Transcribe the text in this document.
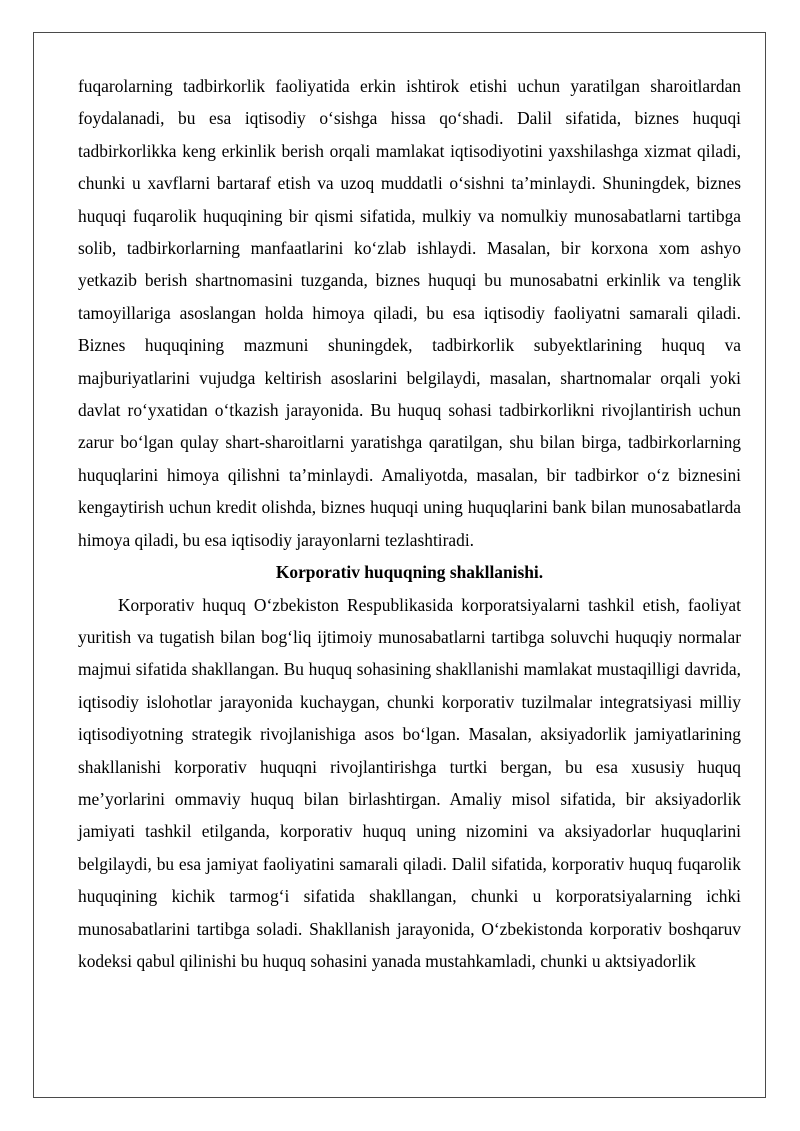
fuqarolarning tadbirkorlik faoliyatida erkin ishtirok etishi uchun yaratilgan sharoitlardan foydalanadi, bu esa iqtisodiy o‘sishga hissa qo‘shadi. Dalil sifatida, biznes huquqi tadbirkorlikka keng erkinlik berish orqali mamlakat iqtisodiyotini yaxshilashga xizmat qiladi, chunki u xavflarni bartaraf etish va uzoq muddatli o‘sishni ta’minlaydi. Shuningdek, biznes huquqi fuqarolik huquqining bir qismi sifatida, mulkiy va nomulkiy munosabatlarni tartibga solib, tadbirkorlarning manfaatlarini ko‘zlab ishlaydi. Masalan, bir korxona xom ashyo yetkazib berish shartnomasini tuzganda, biznes huquqi bu munosabatni erkinlik va tenglik tamoyillariga asoslangan holda himoya qiladi, bu esa iqtisodiy faoliyatni samarali qiladi. Biznes huquqining mazmuni shuningdek, tadbirkorlik subyektlarining huquq va majburiyatlarini vujudga keltirish asoslarini belgilaydi, masalan, shartnomalar orqali yoki davlat ro‘yxatidan o‘tkazish jarayonida. Bu huquq sohasi tadbirkorlikni rivojlantirish uchun zarur bo‘lgan qulay shart-sharoitlarni yaratishga qaratilgan, shu bilan birga, tadbirkorlarning huquqlarini himoya qilishni ta’minlaydi. Amaliyotda, masalan, bir tadbirkor o‘z biznesini kengaytirish uchun kredit olishda, biznes huquqi uning huquqlarini bank bilan munosabatlarda himoya qiladi, bu esa iqtisodiy jarayonlarni tezlashtiradi.

Korporativ huquqning shakllanishi.

Korporativ huquq O‘zbekiston Respublikasida korporatsiyalarni tashkil etish, faoliyat yuritish va tugatish bilan bog‘liq ijtimoiy munosabatlarni tartibga soluvchi huquqiy normalar majmui sifatida shakllangan. Bu huquq sohasining shakllanishi mamlakat mustaqilligi davrida, iqtisodiy islohotlar jarayonida kuchaygan, chunki korporativ tuzilmalar integratsiyasi milliy iqtisodiyotning strategik rivojlanishiga asos bo‘lgan. Masalan, aksiyadorlik jamiyatlarining shakllanishi korporativ huquqni rivojlantirishga turtki bergan, bu esa xususiy huquq me’yorlarini ommaviy huquq bilan birlashtirgan. Amaliy misol sifatida, bir aksiyadorlik jamiyati tashkil etilganda, korporativ huquq uning nizomini va aksiyadorlar huquqlarini belgilaydi, bu esa jamiyat faoliyatini samarali qiladi. Dalil sifatida, korporativ huquq fuqarolik huquqining kichik tarmog‘i sifatida shakllangan, chunki u korporatsiyalarning ichki munosabatlarini tartibga soladi. Shakllanish jarayonida, O‘zbekistonda korporativ boshqaruv kodeksi qabul qilinishi bu huquq sohasini yanada mustahkamladi, chunki u aktsiyadorlik
